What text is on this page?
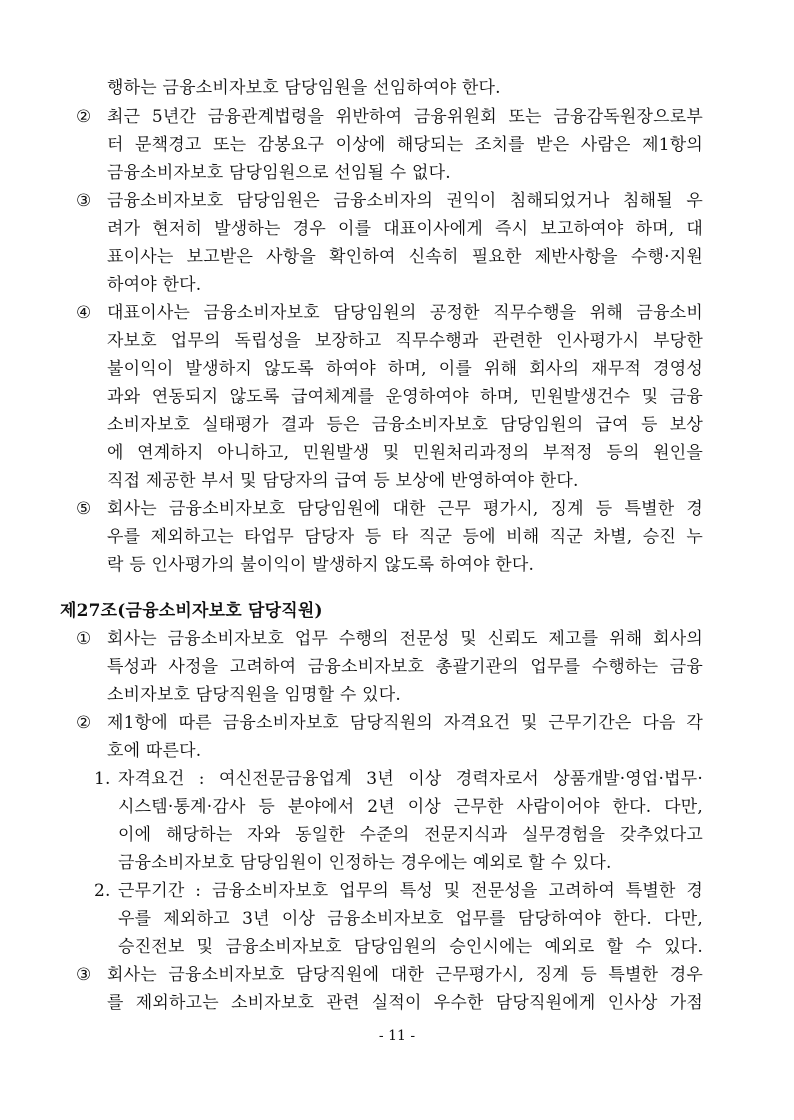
행하는 금융소비자보호 담당임원을 선임하여야 한다.
② 최근 5년간 금융관계법령을 위반하여 금융위원회 또는 금융감독원장으로부
터 문책경고 또는 감봉요구 이상에 해당되는 조치를 받은 사람은 제1항의
금융소비자보호 담당임원으로 선임될 수 없다.
③ 금융소비자보호 담당임원은 금융소비자의 권익이 침해되었거나 침해될 우
려가 현저히 발생하는 경우 이를 대표이사에게 즉시 보고하여야 하며, 대
표이사는 보고받은 사항을 확인하여 신속히 필요한 제반사항을 수행·지원
하여야 한다.
④ 대표이사는 금융소비자보호 담당임원의 공정한 직무수행을 위해 금융소비
자보호 업무의 독립성을 보장하고 직무수행과 관련한 인사평가시 부당한
불이익이 발생하지 않도록 하여야 하며, 이를 위해 회사의 재무적 경영성
과와 연동되지 않도록 급여체계를 운영하여야 하며, 민원발생건수 및 금융
소비자보호 실태평가 결과 등은 금융소비자보호 담당임원의 급여 등 보상
에 연계하지 아니하고, 민원발생 및 민원처리과정의 부적정 등의 원인을
직접 제공한 부서 및 담당자의 급여 등 보상에 반영하여야 한다.
⑤ 회사는 금융소비자보호 담당임원에 대한 근무 평가시, 징계 등 특별한 경
우를 제외하고는 타업무 담당자 등 타 직군 등에 비해 직군 차별, 승진 누
락 등 인사평가의 불이익이 발생하지 않도록 하여야 한다.
제27조(금융소비자보호 담당직원)
① 회사는 금융소비자보호 업무 수행의 전문성 및 신뢰도 제고를 위해 회사의
특성과 사정을 고려하여 금융소비자보호 총괄기관의 업무를 수행하는 금융
소비자보호 담당직원을 임명할 수 있다.
② 제1항에 따른 금융소비자보호 담당직원의 자격요건 및 근무기간은 다음 각
호에 따른다.
1. 자격요건 : 여신전문금융업계 3년 이상 경력자로서 상품개발·영업·법무·
시스템·통계·감사 등 분야에서 2년 이상 근무한 사람이어야 한다. 다만,
이에 해당하는 자와 동일한 수준의 전문지식과 실무경험을 갖추었다고
금융소비자보호 담당임원이 인정하는 경우에는 예외로 할 수 있다.
2. 근무기간 : 금융소비자보호 업무의 특성 및 전문성을 고려하여 특별한 경
우를 제외하고 3년 이상 금융소비자보호 업무를 담당하여야 한다. 다만,
승진전보 및 금융소비자보호 담당임원의 승인시에는 예외로 할 수 있다.
③ 회사는 금융소비자보호 담당직원에 대한 근무평가시, 징계 등 특별한 경우
를 제외하고는 소비자보호 관련 실적이 우수한 담당직원에게 인사상 가점
- 11 -
